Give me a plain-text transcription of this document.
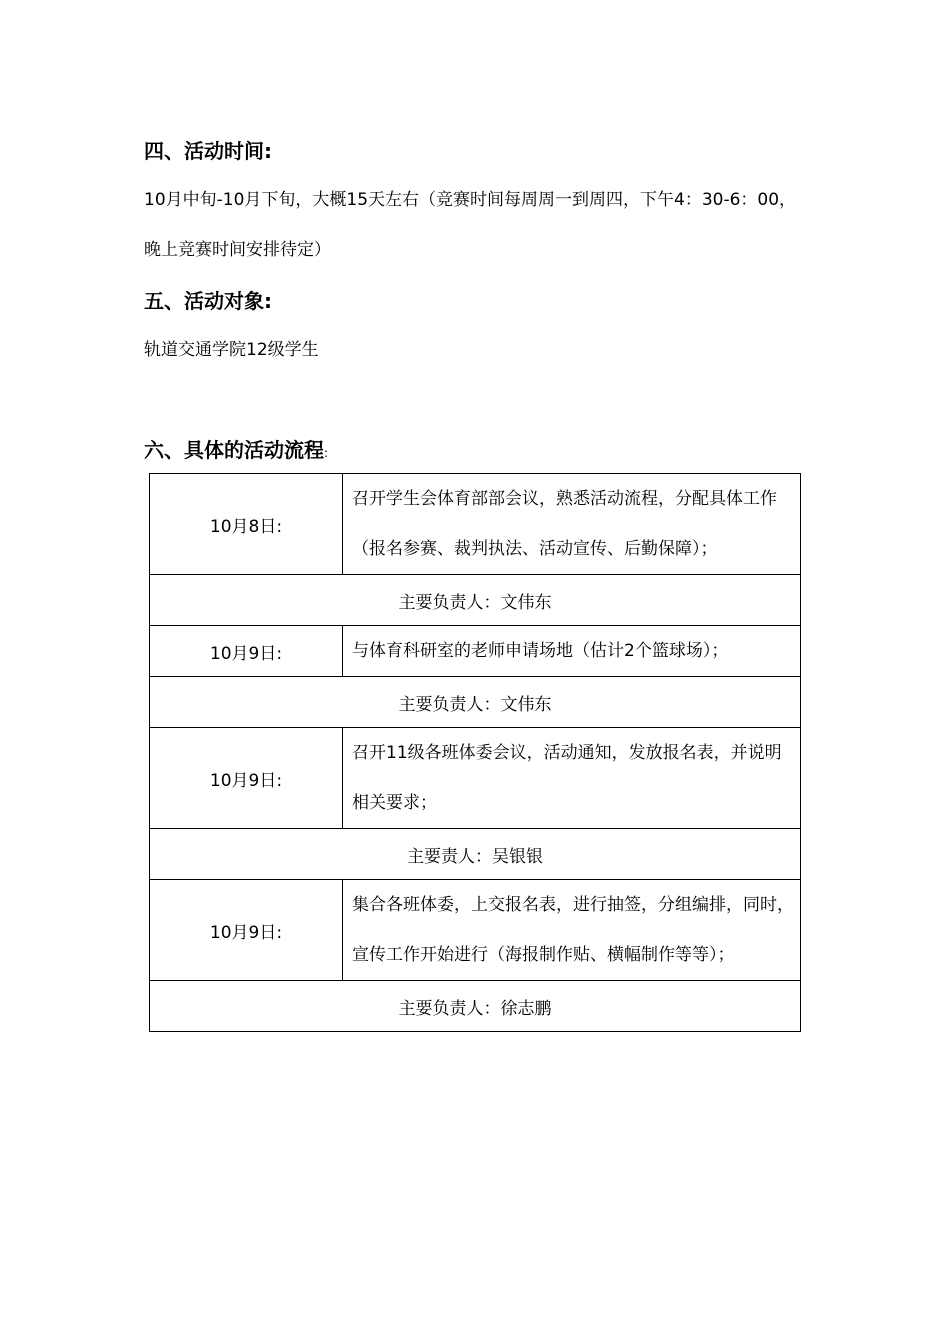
四、活动时间:
10月中旬-10月下旬，大概15天左右（竞赛时间每周周一到周四，下午4：30-6：00，晚上竞赛时间安排待定）
五、活动对象:
轨道交通学院12级学生
六、具体的活动流程:
10月8日:	召开学生会体育部部会议，熟悉活动流程，分配具体工作（报名参赛、裁判执法、活动宣传、后勤保障）；
主要负责人：文伟东	
10月9日:	与体育科研室的老师申请场地（估计2个篮球场）；
主要负责人：文伟东	
10月9日:	召开11级各班体委会议，活动通知，发放报名表，并说明相关要求；
主要责人：吴银银	
10月9日:	集合各班体委，上交报名表，进行抽签，分组编排，同时，宣传工作开始进行（海报制作贴、横幅制作等等）；
主要负责人：徐志鹏	
